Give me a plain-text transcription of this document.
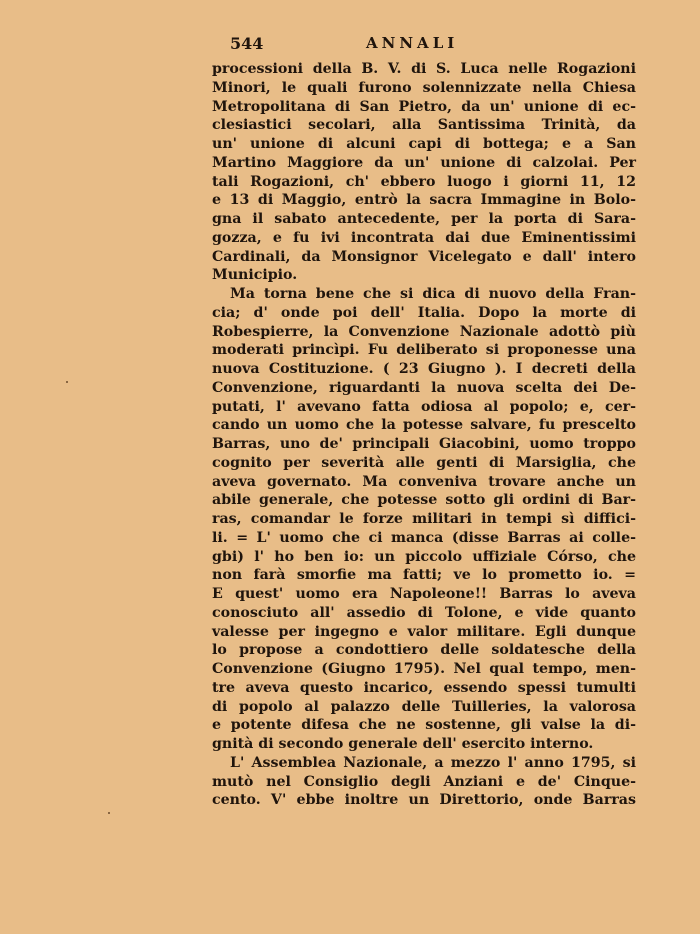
544	ANNALI
processioni della B. V. di S. Luca nelle Rogazioni
Minori, le quali furono solennizzate nella Chiesa
Metropolitana di San Pietro, da un' unione di ec-
clesiastici secolari, alla Santissima Trinità, da
un' unione di alcuni capi di bottega; e a San
Martino Maggiore da un' unione di calzolai. Per
tali Rogazioni, ch' ebbero luogo i giorni 11, 12
e 13 di Maggio, entrò la sacra Immagine in Bolo-
gna il sabato antecedente, per la porta di Sara-
gozza, e fu ivi incontrata dai due Eminentissimi
Cardinali, da Monsignor Vicelegato e dall' intero
Municipio.
Ma torna bene che si dica di nuovo della Fran-
cia; d' onde poi dell' Italia. Dopo la morte di
Robespierre, la Convenzione Nazionale adottò più
moderati princìpi. Fu deliberato si proponesse una
nuova Costituzione. ( 23 Giugno ). I decreti della
Convenzione, riguardanti la nuova scelta dei De-
putati, l' avevano fatta odiosa al popolo; e, cer-
cando un uomo che la potesse salvare, fu prescelto
Barras, uno de' principali Giacobini, uomo troppo
cognito per severità alle genti di Marsiglia, che
aveva governato. Ma conveniva trovare anche un
abile generale, che potesse sotto gli ordini di Bar-
ras, comandar le forze militari in tempi sì diffici-
li. = L' uomo che ci manca (disse Barras ai colle-
gbi) l' ho ben io: un piccolo uffiziale Córso, che
non farà smorfie ma fatti; ve lo prometto io. =
E quest' uomo era Napoleone!! Barras lo aveva
conosciuto all' assedio di Tolone, e vide quanto
valesse per ingegno e valor militare. Egli dunque
lo propose a condottiero delle soldatesche della
Convenzione (Giugno 1795). Nel qual tempo, men-
tre aveva questo incarico, essendo spessi tumulti
di popolo al palazzo delle Tuilleries, la valorosa
e potente difesa che ne sostenne, gli valse la di-
gnità di secondo generale dell' esercito interno.
L' Assemblea Nazionale, a mezzo l' anno 1795, si
mutò nel Consiglio degli Anziani e de' Cinque-
cento. V' ebbe inoltre un Direttorio, onde Barras
